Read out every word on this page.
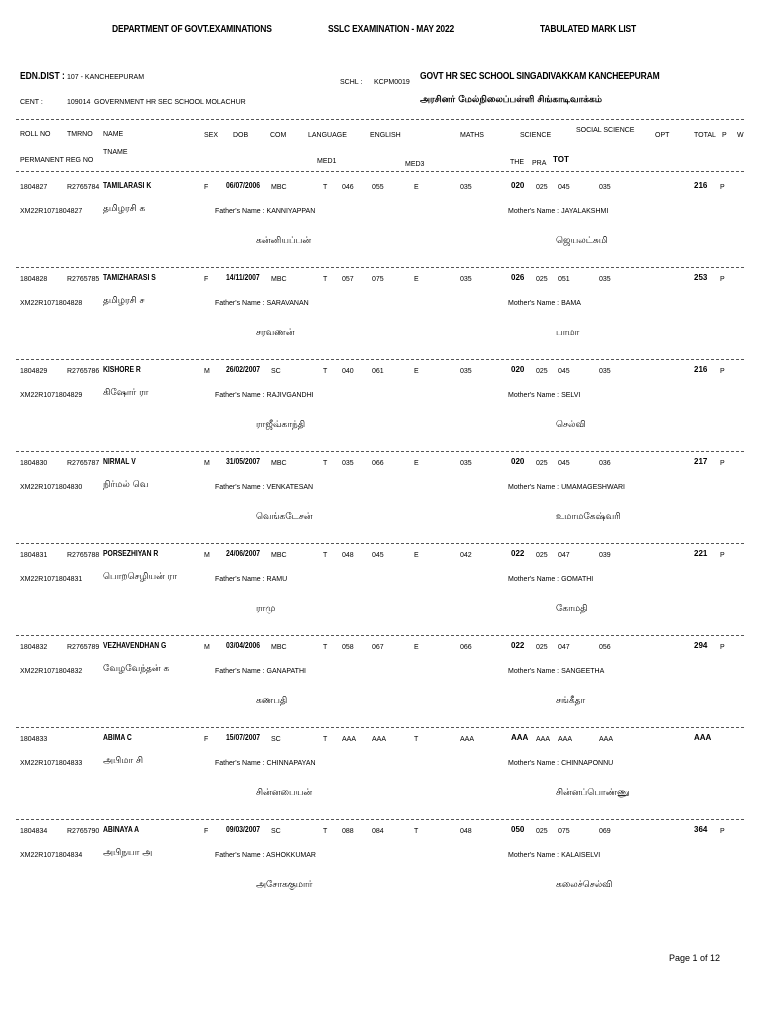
DEPARTMENT OF GOVT.EXAMINATIONS	SSLC EXAMINATION - MAY 2022	TABULATED MARK LIST
EDN.DIST : 107 - KANCHEEPURAM
SCHL : KCPM0019
GOVT HR SEC SCHOOL SINGADIVAKKAM KANCHEEPURAM
CENT :	109014 GOVERNMENT HR SEC SCHOOL MOLACHUR	அரசினர் மேல்நிலைப்பள்ளி சிங்காடிவாக்கம்
ROLL NO TMRNO NAME	SEX DOB	COM	LANGUAGE	ENGLISH	MATHS	SCIENCE
SOCIAL SCIENCE
OPT	TOTAL P W
TNAME
PERMANENT REG NO	MED1	MED3	THE PRA TOT
1804827	R2765784 TAMILARASI K	F 06/07/2006 MBC	T 046	055	E	035	020 025 045	035	216 P
XM22R1071804827 தமிழரசி க
கன்னியப்பன்	ஜெயலட்சுமி
Father's Name : KANNIYAPPAN	Mother's Name : JAYALAKSHMI
1804828	R2765785 TAMIZHARASI S	F 14/11/2007 MBC	T 057	075	E	035	026 025 051	035	253 P
XM22R1071804828 தமிழரசி ச
சரவணன்	பாமா
Father's Name : SARAVANAN	Mother's Name : BAMA
1804829	R2765786 KISHORE R	M 26/02/2007 SC	T 040	061	E	035	020 025 045	035	216 P
XM22R1071804829 கிஷோர் ரா
ராஜீவ்காந்தி	செல்வி
Father's Name : RAJIVGANDHI	Mother's Name : SELVI
1804830	R2765787 NIRMAL V	M 31/05/2007 MBC	T 035	066	E	035	020 025 045	036	217 P
XM22R1071804830 நிர்மல் வெ
வெங்கடேசன்	உமாமகேஷ்வரி
Father's Name : VENKATESAN	Mother's Name : UMAMAGESHWARI
1804831	R2765788 PORSEZHIYAN R	M 24/06/2007 MBC	T 048	045	E	042	022 025 047	039	221 P
XM22R1071804831 பொறசெழியன் ரா
ராமு	கோமதி
Father's Name : RAMU	Mother's Name : GOMATHI
1804832	R2765789 VEZHAVENDHAN G	M 03/04/2006 MBC	T 058	067	E	066	022 025 047	056	294 P
XM22R1071804832 வேழவேந்தன் க
கணபதி	சங்கீதா
Father's Name : GANAPATHI	Mother's Name : SANGEETHA
1804833	ABIMA C	F 15/07/2007 SC	T AAA AAA	T	AAA	AAA AAA AAA	AAA	AAA
XM22R1071804833 அபிமா சி
சின்னபையன்	சின்னப்பொண்ணு
Father's Name : CHINNAPAYAN	Mother's Name : CHINNAPONNU
1804834	R2765790 ABINAYA A	F 09/03/2007 SC	T 088	084	T	048	050 025 075	069	364 P
XM22R1071804834 அபிநயா அ
அசோககுமார்	கலைச்செல்வி
Father's Name : ASHOKKUMAR	Mother's Name : KALAISELVI
Page 1 of 12
